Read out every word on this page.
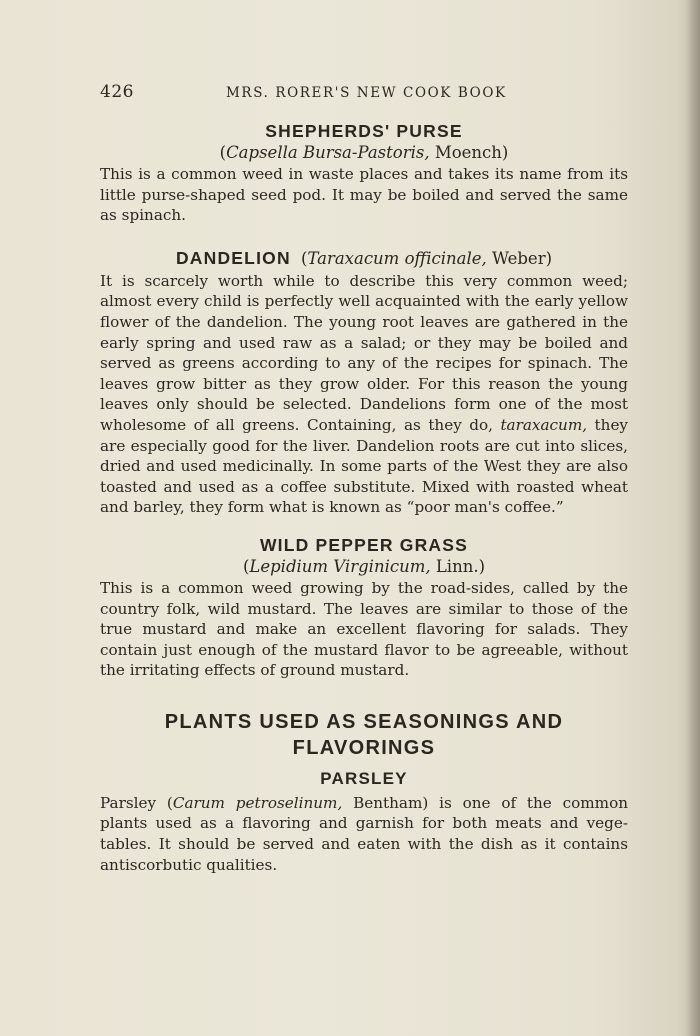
426	MRS. RORER'S NEW COOK BOOK
SHEPHERDS' PURSE

(Capsella Bursa-Pastoris, Moench)

This is a common weed in waste places and takes its name from its little purse-shaped seed pod. It may be boiled and served the same as spinach.

DANDELION (Taraxacum officinale, Weber)

It is scarcely worth while to describe this very common weed; almost every child is perfectly well acquainted with the early yellow flower of the dandelion. The young root leaves are gathered in the early spring and used raw as a salad; or they may be boiled and served as greens according to any of the recipes for spinach. The leaves grow bitter as they grow older. For this reason the young leaves only should be selected. Dandelions form one of the most wholesome of all greens. Containing, as they do, taraxacum, they are especially good for the liver. Dandelion roots are cut into slices, dried and used medicinally. In some parts of the West they are also toasted and used as a coffee substitute. Mixed with roasted wheat and barley, they form what is known as “poor man's coffee.”

WILD PEPPER GRASS

(Lepidium Virginicum, Linn.)

This is a common weed growing by the road-sides, called by the country folk, wild mustard. The leaves are similar to those of the true mustard and make an excellent flavoring for salads. They contain just enough of the mustard flavor to be agreeable, without the irritating effects of ground mustard.

PLANTS USED AS SEASONINGS AND
FLAVORINGS
PARSLEY

Parsley (Carum petroselinum, Bentham) is one of the common plants used as a flavoring and garnish for both meats and vegetables. It should be served and eaten with the dish as it contains antiscorbutic qualities.
